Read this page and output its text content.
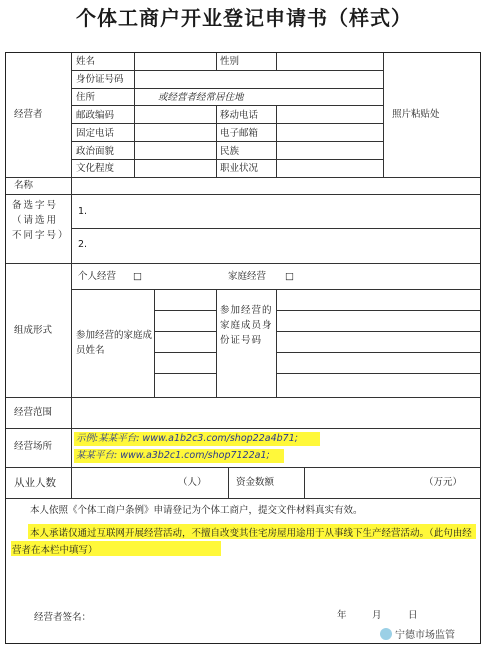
个体工商户开业登记申请书（样式）
经营者
姓名	性别
身份证号码
住所	或经营者经常居住地
邮政编码	移动电话
固定电话	电子邮箱
政治面貌	民族
文化程度	职业状况
照片粘贴处
名称
备选字号（请选用不同字号）
1.
2.
组成形式
个人经营 □	家庭经营 □
参加经营的家庭成员姓名
参加经营的家庭成员身份证号码
经营范围
经营场所
示例:某某平台: www.a1b2c3.com/shop22a4b71;
某某平台: www.a3b2c1.com/shop7122a1;
从业人数	（人）	资金数额	（万元）
本人依照《个体工商户条例》申请登记为个体工商户，提交文件材料真实有效。
本人承诺仅通过互联网开展经营活动，不擅自改变其住宅房屋用途用于从事线下生产经营活动。（此句由经营者在本栏中填写）
经营者签名：	年	月	日
宁德市场监管
